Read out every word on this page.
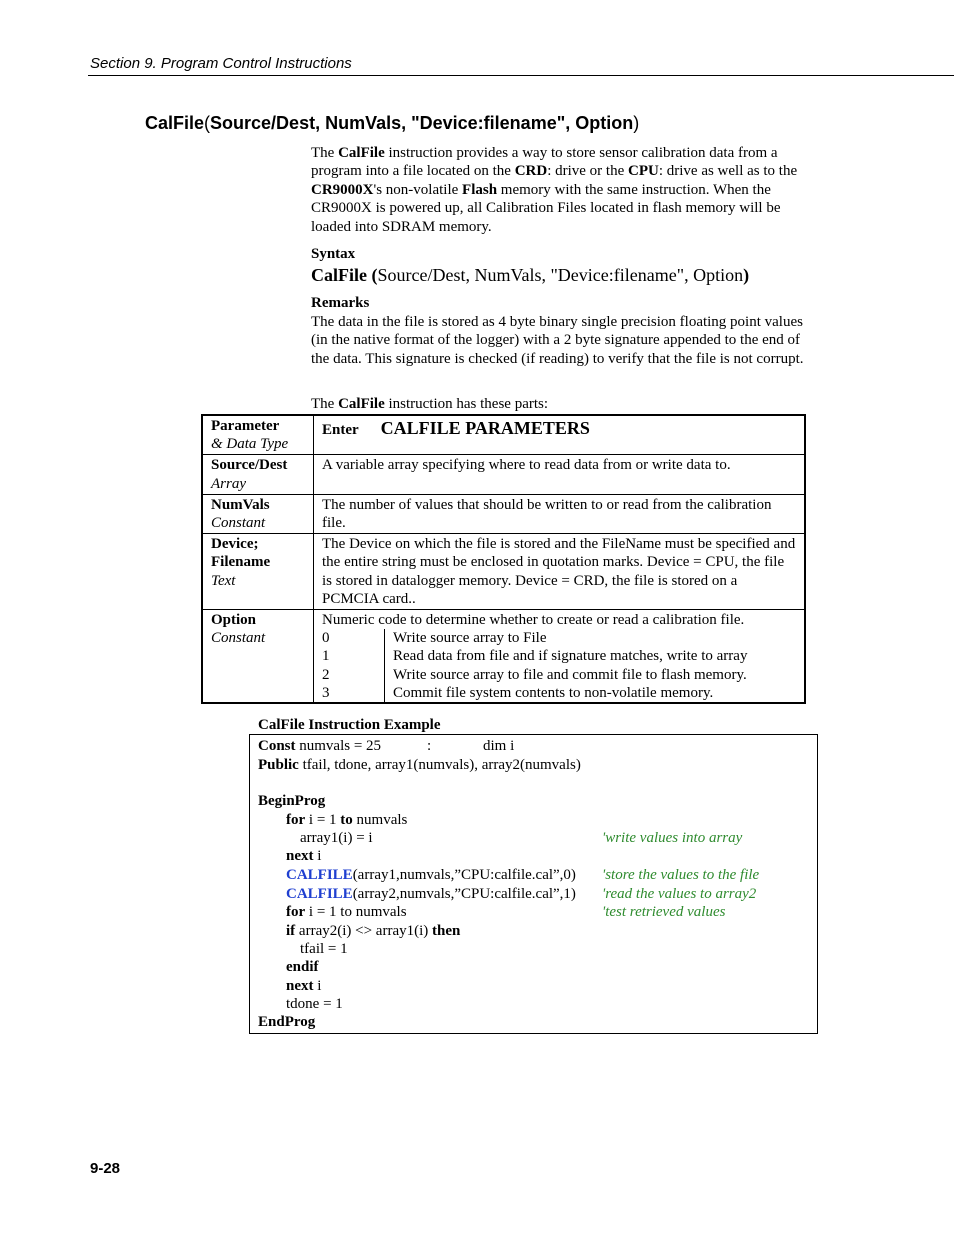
Section 9. Program Control Instructions
CalFile(Source/Dest, NumVals, "Device:filename", Option)
The CalFile instruction provides a way to store sensor calibration data from a program into a file located on the CRD: drive or the CPU: drive as well as to the CR9000X's non-volatile Flash memory with the same instruction. When the CR9000X is powered up, all Calibration Files located in flash memory will be loaded into SDRAM memory.
Syntax
CalFile (Source/Dest, NumVals, "Device:filename", Option)
Remarks
The data in the file is stored as 4 byte binary single precision floating point values (in the native format of the logger) with a 2 byte signature appended to the end of the data. This signature is checked (if reading) to verify that the file is not corrupt.
The CalFile instruction has these parts:
Parameter
& Data Type
	Enter CALFILE PARAMETERS

Source/Dest
Array
	A variable array specifying where to read data from or write data to.

NumVals
Constant
	The number of values that should be written to or read from the calibration file.

Device; Filename
Text
	The Device on which the file is stored and the FileName must be specified and the entire string must be enclosed in quotation marks. Device = CPU, the file is stored in datalogger memory. Device = CRD, the file is stored on a PCMCIA card..

Option
Constant

Numeric code to determine whether to create or read a calibration file.
0	Write source array to File
1	Read data from file and if signature matches, write to array
2	Write source array to file and commit file to flash memory.
3	Commit file system contents to non-volatile memory.
CalFile Instruction Example
Const numvals = 25	:	dim i
Public tfail, tdone, array1(numvals), array2(numvals)
BeginProg
for i = 1 to numvals
array1(i) = i	'write values into array
next i
CALFILE(array1,numvals,”CPU:calfile.cal”,0) 'store the values to the file
CALFILE(array2,numvals,”CPU:calfile.cal”,1) 'read the values to array2
for i = 1 to numvals	'test retrieved values
if array2(i) <> array1(i) then
tfail = 1
endif
next i
tdone = 1
EndProg
9-28
